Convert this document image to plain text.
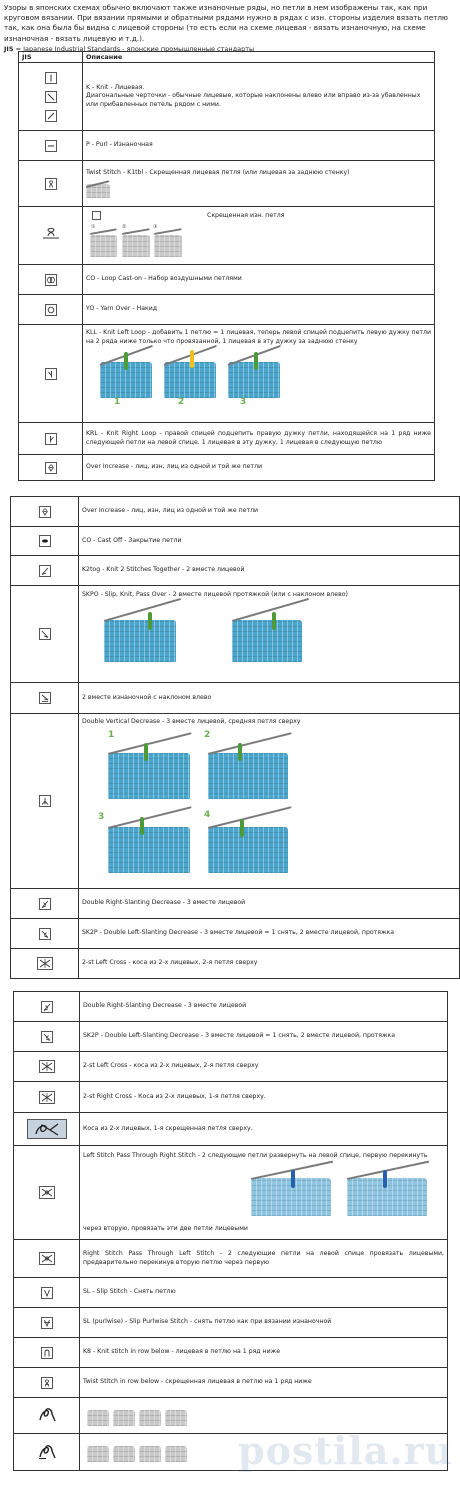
Узоры в японских схемах обычно включают также изнаночные ряды, но петли в нем изображены так, как при круговом вязании. При вязании прямыми и обратными рядами нужно в рядах с изн. стороны изделия вязать петлю так, как она была бы видна с лицевой стороны (то есть если на схеме лицевая - вязать изнаночную, на схеме изнаночная - вязать лицевую и т.д.).

JIS = Japanese Industrial Standards - японские промышленные стандарты

JIS	Описание

	K - Knit - Лицевая.
Диагональные черточки - обычные лицевые, которые наклонены влево или вправо из-за убавленных или прибавленных петель рядом с ними.

	P - Purl - Изнаночная

Twist Stitch - K1tbl - Скрещенная лицевая петля (или лицевая за заднюю стенку)

① ② ③
Скрещенная изн. петля

	CO - Loop Cast-on - Набор воздушными петлями

	YO - Yarn Over - Накид

KLL - Knit Left Loop - добавить 1 петлю = 1 лицевая, теперь левой спицей подцепить левую дужку петли на 2 ряда ниже только что провязанной, 1 лицевая в эту дужку за заднюю стенку
1 2 3

	KRL - Knit Right Loop - правой спицей подцепить правую дужку петли, находящейся на 1 ряд ниже следующей петли на левой спице. 1 лицевая в эту дужку, 1 лицевая в следующую петлю

	Over Increase - лиц, изн, лиц из одной и той же петли
	Over Increase - лиц, изн, лиц из одной и той же петли

	CO - Cast Off - Закрытие петли

	K2tog - Knit 2 Stitches Together - 2 вместе лицевой

SKPO - Slip, Knit, Pass Over - 2 вместе лицевой протяжкой (или с наклоном влево)

	2 вместе изнаночной с наклоном влево

Double Vertical Decrease - 3 вместе лицевой, средняя петля сверху
1 2
3 4

	Double Right-Slanting Decrease - 3 вместе лицевой

	SK2P - Double Left-Slanting Decrease - 3 вместе лицевой = 1 снять, 2 вместе лицевой, протяжка

	2-st Left Cross - коса из 2-х лицевых, 2-я петля сверху
	Double Right-Slanting Decrease - 3 вместе лицевой

	SK2P - Double Left-Slanting Decrease - 3 вместе лицевой = 1 снять, 2 вместе лицевой, протяжка

	2-st Left Cross - коса из 2-х лицевых, 2-я петля сверху

	2-st Right Cross - Коса из 2-х лицевых, 1-я петля сверху.

	Коса из 2-х лицевых, 1-я скрещенная петля сверху.

Left Stitch Pass Through Right Stitch - 2 следующие петли развернуть на левой спице, первую перекинуть
через вторую, провязать эти две петли лицевыми

	Right Stitch Pass Through Left Stitch - 2 следующие петли на левой спице провязать лицевыми, предварительно перекинув вторую петлю через первую

	SL - Slip Stitch - Снять петлю

	SL (purlwise) - Slip Purlwise Stitch - снять петлю как при вязании изнаночной

	K8 - Knit stitch in row below - лицевая в петлю на 1 ряд ниже

	Twist Stitch in row below - скрещенная лицевая в петлю на 1 ряд ниже

postila.ru
